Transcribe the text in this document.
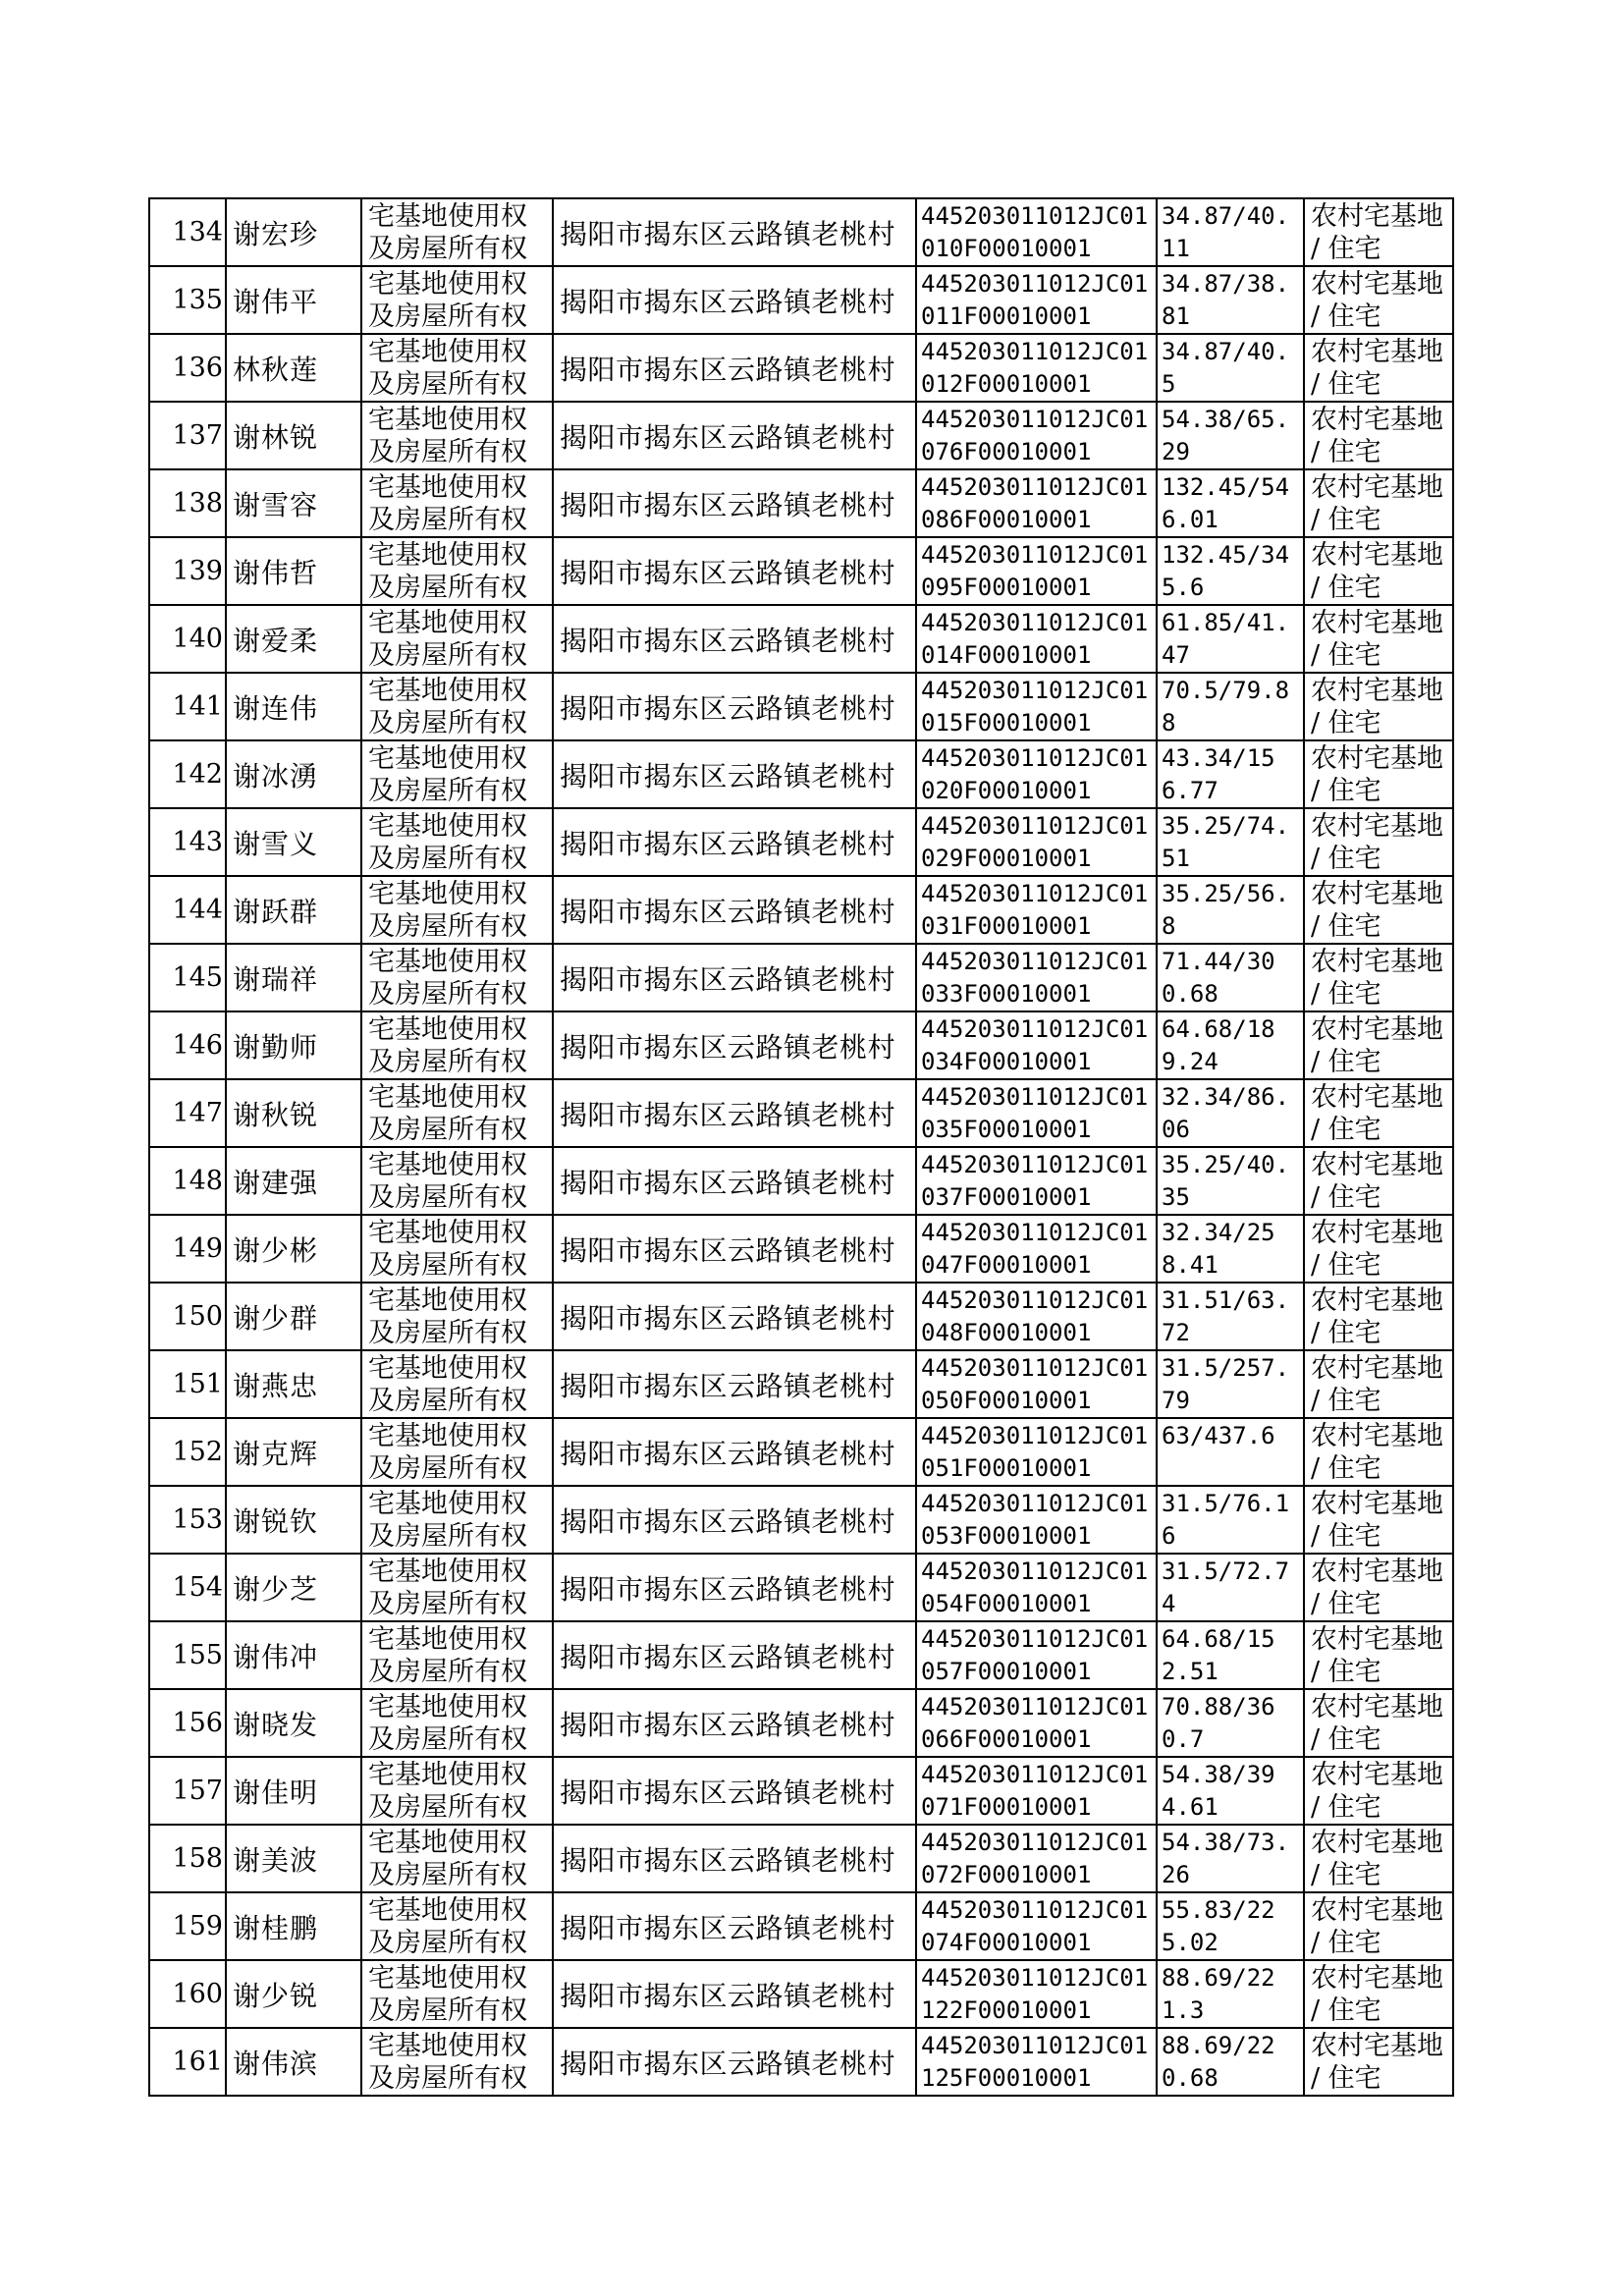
134	谢宏珍	宅基地使用权及房屋所有权	揭阳市揭东区云路镇老桃村	445203011012JC01010F00010001	34.87/40.11	农村宅基地 / 住宅
135	谢伟平	宅基地使用权及房屋所有权	揭阳市揭东区云路镇老桃村	445203011012JC01011F00010001	34.87/38.81	农村宅基地 / 住宅
136	林秋莲	宅基地使用权及房屋所有权	揭阳市揭东区云路镇老桃村	445203011012JC01012F00010001	34.87/40.5	农村宅基地 / 住宅
137	谢林锐	宅基地使用权及房屋所有权	揭阳市揭东区云路镇老桃村	445203011012JC01076F00010001	54.38/65.29	农村宅基地 / 住宅
138	谢雪容	宅基地使用权及房屋所有权	揭阳市揭东区云路镇老桃村	445203011012JC01086F00010001	132.45/546.01	农村宅基地 / 住宅
139	谢伟哲	宅基地使用权及房屋所有权	揭阳市揭东区云路镇老桃村	445203011012JC01095F00010001	132.45/345.6	农村宅基地 / 住宅
140	谢爱柔	宅基地使用权及房屋所有权	揭阳市揭东区云路镇老桃村	445203011012JC01014F00010001	61.85/41.47	农村宅基地 / 住宅
141	谢连伟	宅基地使用权及房屋所有权	揭阳市揭东区云路镇老桃村	445203011012JC01015F00010001	70.5/79.88	农村宅基地 / 住宅
142	谢冰湧	宅基地使用权及房屋所有权	揭阳市揭东区云路镇老桃村	445203011012JC01020F00010001	43.34/156.77	农村宅基地 / 住宅
143	谢雪义	宅基地使用权及房屋所有权	揭阳市揭东区云路镇老桃村	445203011012JC01029F00010001	35.25/74.51	农村宅基地 / 住宅
144	谢跃群	宅基地使用权及房屋所有权	揭阳市揭东区云路镇老桃村	445203011012JC01031F00010001	35.25/56.8	农村宅基地 / 住宅
145	谢瑞祥	宅基地使用权及房屋所有权	揭阳市揭东区云路镇老桃村	445203011012JC01033F00010001	71.44/300.68	农村宅基地 / 住宅
146	谢勤师	宅基地使用权及房屋所有权	揭阳市揭东区云路镇老桃村	445203011012JC01034F00010001	64.68/189.24	农村宅基地 / 住宅
147	谢秋锐	宅基地使用权及房屋所有权	揭阳市揭东区云路镇老桃村	445203011012JC01035F00010001	32.34/86.06	农村宅基地 / 住宅
148	谢建强	宅基地使用权及房屋所有权	揭阳市揭东区云路镇老桃村	445203011012JC01037F00010001	35.25/40.35	农村宅基地 / 住宅
149	谢少彬	宅基地使用权及房屋所有权	揭阳市揭东区云路镇老桃村	445203011012JC01047F00010001	32.34/258.41	农村宅基地 / 住宅
150	谢少群	宅基地使用权及房屋所有权	揭阳市揭东区云路镇老桃村	445203011012JC01048F00010001	31.51/63.72	农村宅基地 / 住宅
151	谢燕忠	宅基地使用权及房屋所有权	揭阳市揭东区云路镇老桃村	445203011012JC01050F00010001	31.5/257.79	农村宅基地 / 住宅
152	谢克辉	宅基地使用权及房屋所有权	揭阳市揭东区云路镇老桃村	445203011012JC01051F00010001	63/437.6	农村宅基地 / 住宅
153	谢锐钦	宅基地使用权及房屋所有权	揭阳市揭东区云路镇老桃村	445203011012JC01053F00010001	31.5/76.16	农村宅基地 / 住宅
154	谢少芝	宅基地使用权及房屋所有权	揭阳市揭东区云路镇老桃村	445203011012JC01054F00010001	31.5/72.74	农村宅基地 / 住宅
155	谢伟冲	宅基地使用权及房屋所有权	揭阳市揭东区云路镇老桃村	445203011012JC01057F00010001	64.68/152.51	农村宅基地 / 住宅
156	谢晓发	宅基地使用权及房屋所有权	揭阳市揭东区云路镇老桃村	445203011012JC01066F00010001	70.88/360.7	农村宅基地 / 住宅
157	谢佳明	宅基地使用权及房屋所有权	揭阳市揭东区云路镇老桃村	445203011012JC01071F00010001	54.38/394.61	农村宅基地 / 住宅
158	谢美波	宅基地使用权及房屋所有权	揭阳市揭东区云路镇老桃村	445203011012JC01072F00010001	54.38/73.26	农村宅基地 / 住宅
159	谢桂鹏	宅基地使用权及房屋所有权	揭阳市揭东区云路镇老桃村	445203011012JC01074F00010001	55.83/225.02	农村宅基地 / 住宅
160	谢少锐	宅基地使用权及房屋所有权	揭阳市揭东区云路镇老桃村	445203011012JC01122F00010001	88.69/221.3	农村宅基地 / 住宅
161	谢伟滨	宅基地使用权及房屋所有权	揭阳市揭东区云路镇老桃村	445203011012JC01125F00010001	88.69/220.68	农村宅基地 / 住宅
